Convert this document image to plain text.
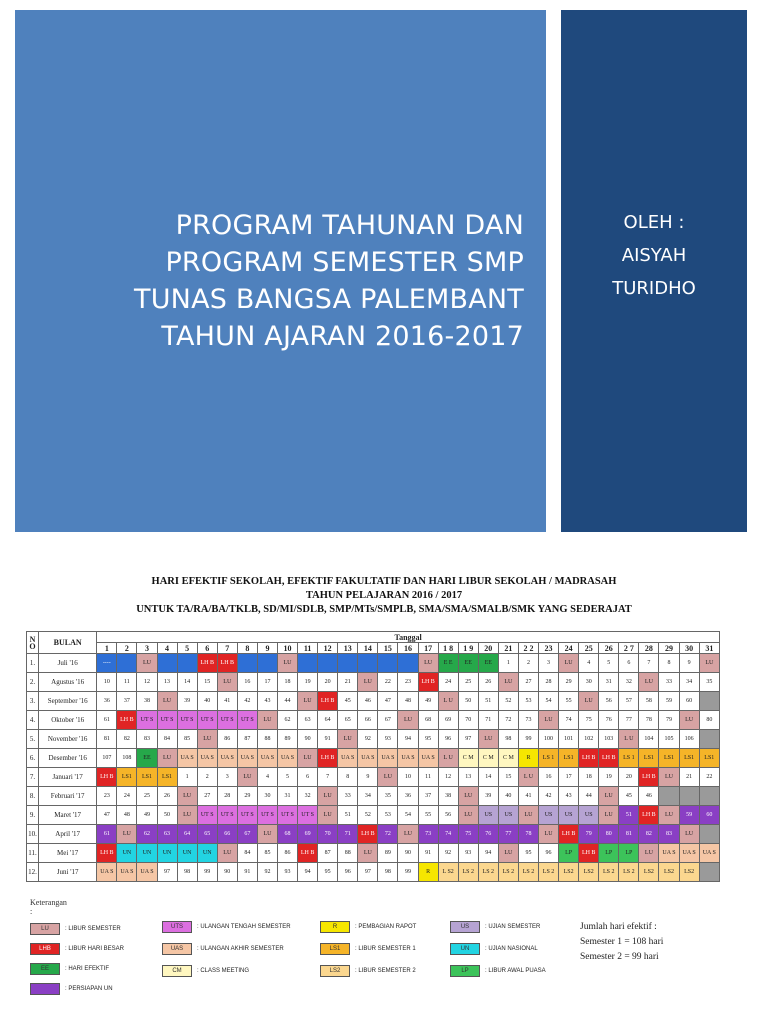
PROGRAM TAHUNAN DAN
PROGRAM SEMESTER SMP
TUNAS BANGSA PALEMBANT
TAHUN AJARAN 2016-2017
OLEH :
AISYAH
TURIDHO
HARI EFEKTIF SEKOLAH, EFEKTIF FAKULTATIF DAN HARI LIBUR SEKOLAH / MADRASAH
TAHUN PELAJARAN 2016 / 2017
UNTUK TA/RA/BA/TKLB, SD/MI/SDLB, SMP/MTs/SMPLB, SMA/SMA/SMALB/SMK YANG SEDERAJAT
N O	BULAN	Tanggal																														
		1	2	3	4	5	6	7	8	9	10	11	12	13	14	15	16	17	1 8	1 9	20	21	2 2	23	24	25	26	2 7	28	29	30	31
1.	Juli '16	----		LU			LH B	LH B			LU							LU	E E	EE	EE	1	2	3	LU	4	5	6	7	8	9	LU
2.	Agustus '16	10	11	12	13	14	15	LU	16	17	18	19	20	21	LU	22	23	LH B	24	25	26	LU	27	28	29	30	31	32	LU	33	34	35
3.	September '16	36	37	38	LU	39	40	41	42	43	44	LU	LH B	45	46	47	48	49	L U	50	51	52	53	54	55	LU	56	57	58	59	60	
4.	Oktober '16	61	LH B	UT S	UT S	UT S	UT S	UT S	UT S	LU	62	63	64	65	66	67	LU	68	69	70	71	72	73	LU	74	75	76	77	78	79	LU	80
5.	November '16	81	82	83	84	85	LU	86	87	88	89	90	91	LU	92	93	94	95	96	97	LU	98	99	100	101	102	103	L U	104	105	106	
6.	Desember '16	107	108	EE	LU	UA S	UA S	UA S	UA S	UA S	UA S	LU	LH B	UA S	UA S	UA S	UA S	UA S	L U	C M	C M	C M	R	LS 1	LS1	LH B	LH B	LS 1	LS1	LS1	LS1	LS1
7.	Januari '17	LH B	LS1	LS1	LS1	1	2	3	LU	4	5	6	7	8	9	LU	10	11	12	13	14	15	L U	16	17	18	19	20	LH B	LU	21	22
8.	Februari '17	23	24	25	26	LU	27	28	29	30	31	32	LU	33	34	35	36	37	38	LU	39	40	41	42	43	44	LU	45	46			
9.	Maret '17	47	48	49	50	LU	UT S	UT S	UT S	UT S	UT S	UT S	LU	51	52	53	54	55	56	LU	US	US	LU	US	US	US	LU	51	LH B	LU	59	60
10.	April '17	61	LU	62	63	64	65	66	67	LU	68	69	70	71	LH B	72	LU	73	74	75	76	77	78	LU	LH B	79	80	81	82	83	LU	
11.	Mei '17	LH B	UN	UN	UN	UN	UN	LU	84	85	86	LH B	87	88	LU	89	90	91	92	93	94	LU	95	96	LP	LH B	LP	LP	LU	UA S	UA S	UA S
12.	Juni '17	UA S	UA S	UA S	97	98	99	90	91	92	93	94	95	96	97	98	99	R	L S2	LS 2	LS 2	LS 2	LS 2	LS 2	LS2	LS2	LS 2	LS 2	LS2	LS2	LS2	
Keterangan :
LU	: LIBUR SEMESTER
LHB	: LIBUR HARI BESAR
EE	: HARI EFEKTIF
: PERSIAPAN UN
UTS	: ULANGAN TENGAH SEMESTER
UAS	: ULANGAN AKHIR SEMESTER
CM	: CLASS MEETING
R	: PEMBAGIAN RAPOT
LS1	: LIBUR SEMESTER 1
LS2	: LIBUR SEMESTER 2
US	: UJIAN SEMESTER
UN	: UJIAN NASIONAL
LP	: LIBUR AWAL PUASA
Jumlah hari efektif :
Semester 1 = 108 hari
Semester 2 = 99 hari
